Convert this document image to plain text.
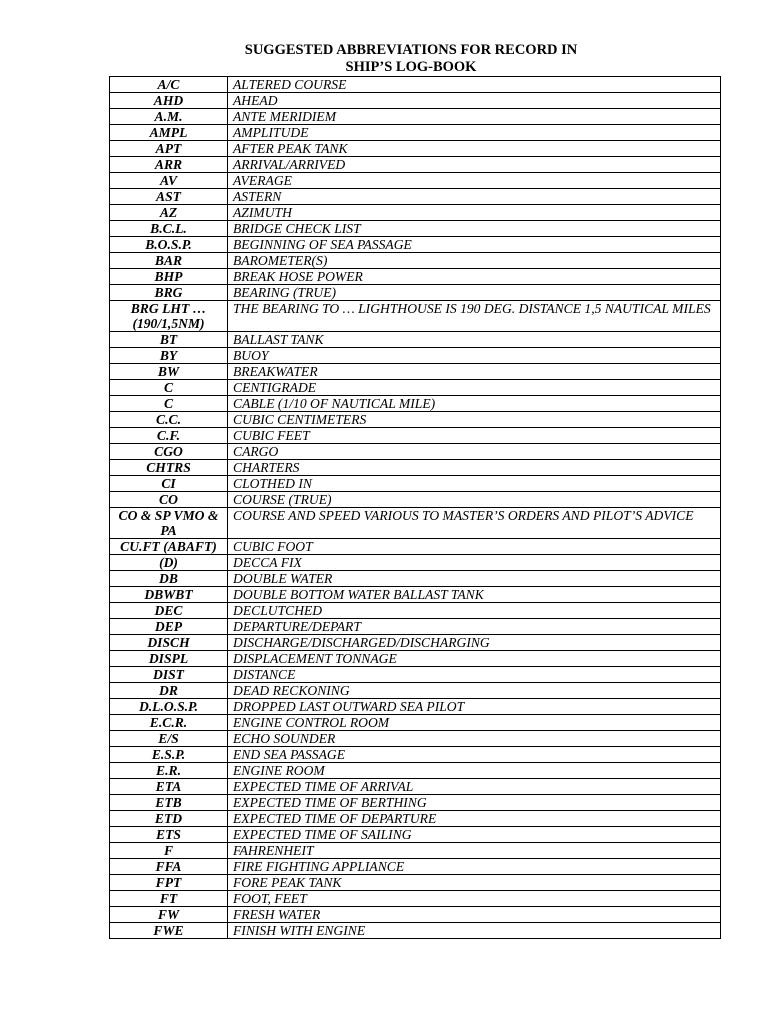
SUGGESTED ABBREVIATIONS FOR RECORD IN
SHIP’S LOG-BOOK
A/C	ALTERED COURSE
AHD	AHEAD
A.M.	ANTE MERIDIEM
AMPL	AMPLITUDE
APT	AFTER PEAK TANK
ARR	ARRIVAL/ARRIVED
AV	AVERAGE
AST	ASTERN
AZ	AZIMUTH
B.C.L.	BRIDGE CHECK LIST
B.O.S.P.	BEGINNING OF SEA PASSAGE
BAR	BAROMETER(S)
BHP	BREAK HOSE POWER
BRG	BEARING (TRUE)
BRG LHT … (190/1,5NM)	THE BEARING TO … LIGHTHOUSE IS 190 DEG. DISTANCE 1,5 NAUTICAL MILES
BT	BALLAST TANK
BY	BUOY
BW	BREAKWATER
C	CENTIGRADE
C	CABLE (1/10 OF NAUTICAL MILE)
C.C.	CUBIC CENTIMETERS
C.F.	CUBIC FEET
CGO	CARGO
CHTRS	CHARTERS
CI	CLOTHED IN
CO	COURSE (TRUE)
CO & SP VMO & PA	COURSE AND SPEED VARIOUS TO MASTER’S ORDERS AND PILOT’S ADVICE
CU.FT (ABAFT)	CUBIC FOOT
(D)	DECCA FIX
DB	DOUBLE WATER
DBWBT	DOUBLE BOTTOM WATER BALLAST TANK
DEC	DECLUTCHED
DEP	DEPARTURE/DEPART
DISCH	DISCHARGE/DISCHARGED/DISCHARGING
DISPL	DISPLACEMENT TONNAGE
DIST	DISTANCE
DR	DEAD RECKONING
D.L.O.S.P.	DROPPED LAST OUTWARD SEA PILOT
E.C.R.	ENGINE CONTROL ROOM
E/S	ECHO SOUNDER
E.S.P.	END SEA PASSAGE
E.R.	ENGINE ROOM
ETA	EXPECTED TIME OF ARRIVAL
ETB	EXPECTED TIME OF BERTHING
ETD	EXPECTED TIME OF DEPARTURE
ETS	EXPECTED TIME OF SAILING
F	FAHRENHEIT
FFA	FIRE FIGHTING APPLIANCE
FPT	FORE PEAK TANK
FT	FOOT, FEET
FW	FRESH WATER
FWE	FINISH WITH ENGINE
